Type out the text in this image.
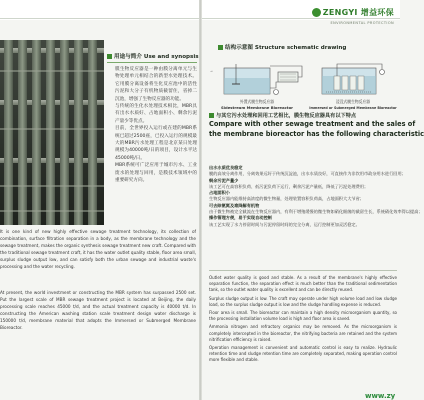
ZENGYI 增益环保
ENVIRONMENTAL PROTECTION
用途与简介 Use and synopsis

膜生物反应器是一种由膜分离单元与生物处理单元相结合的新型水处理技术。它用膜分离设备将生化反应池中的活性污泥和大分子有机物质截留住，省掉二沉池，增强了生物反应器的功能。

与传统的生化水处理技术相比，MBR具有出水水质好、占地面积小、剩余污泥产量少等优点。

目前，全世界投入运行或在建的MBR系统已超过2500座，已投入运行的规模最大的MBR污水处理工程是北京某日处理规模为40000吨/日的项目，设计水平达45000吨/日。

MBR系统可广泛应用于城市污水、工业废水的处理与回用，是膜技术领域中的重要研究方向。

It is one kind of new highly effective sewage treatment technology, its collection of combination, surface filtration separation in a body, as the membrane technology and the sewage treatment, makes the organic synthesis sewage treatment new craft. Compared with the traditional sewage treatment craft, it has the water outlet quality stable, floor area small, surplus sludge output low, and can satisfy both the urban sewage and industrial waste's processing and the water recycling.

At present, the world investment or constructing the MBR system has surpassed 2500 set. Put the largest scale of MBR sewage treatment project is located at Beijing, the daily processing scale reaches 45000 t/d, and the actual treatment capacity is 40000 t/d. In constructing the American washing station scale treatment design water discharge is 150000 t/d, membrane material that adopts the Immersed or Submerged Membrane Bioreactor.

结构示意图 Structure schematic drawing
→
外置式膜生物反应器
Sidestream Membrane Bioreactor
浸没式膜生物反应器
Immersed or Submerged Membrane Bioreactor
与其它污水处理和回用工艺相比，膜生物反应器具有以下特点
Compare with other sewage treatment and the sales of
the membrane bioreactor has the following characteristic
出水水质优良稳定
膜的高效分离作用，分离效果远好于传统沉淀池，出水水质良好，可直接作为非饮用市政杂用水进行回用；
剩余污泥产量少
该工艺可在高容积负荷、低污泥负荷下运行，剩余污泥产量低，降低了污泥处理费用；
占地面积小
生物反应器内能维持高浓度的微生物量，处理装置容积负荷高，占地面积大大节省；
可去除氨氮及难降解有机物
由于微生物被完全截流在生物反应器内，有利于增殖缓慢的微生物如硝化细菌的截留生长，系统硝化效率得以提高；
操作管理方便，易于实现自动控制
该工艺实现了水力停留时间与污泥停留时间的完全分离，运行控制更加灵活稳定。

Outlet water quality is good and stable. As a result of the membrane's highly effective separation function, the separation effect is much better than the traditional sedimentation tank, so the outlet water quality is excellent and can be directly reused.

Surplus sludge output is low. The craft may operate under high volume load and low sludge load, so the surplus sludge output is low and the sludge handling expense is reduced.

Floor area is small. The bioreactor can maintain a high density microorganism quantity, so the processing installation volume load is high and floor area is saved.

Ammonia nitrogen and refractory organics may be removed. As the microorganism is completely intercepted in the bioreactor, the nitrifying bacteria are retained and the system nitrification efficiency is raised.

Operation management is convenient and automatic control is easy to realize. Hydraulic retention time and sludge retention time are completely separated, making operation control more flexible and stable.

www.zy
